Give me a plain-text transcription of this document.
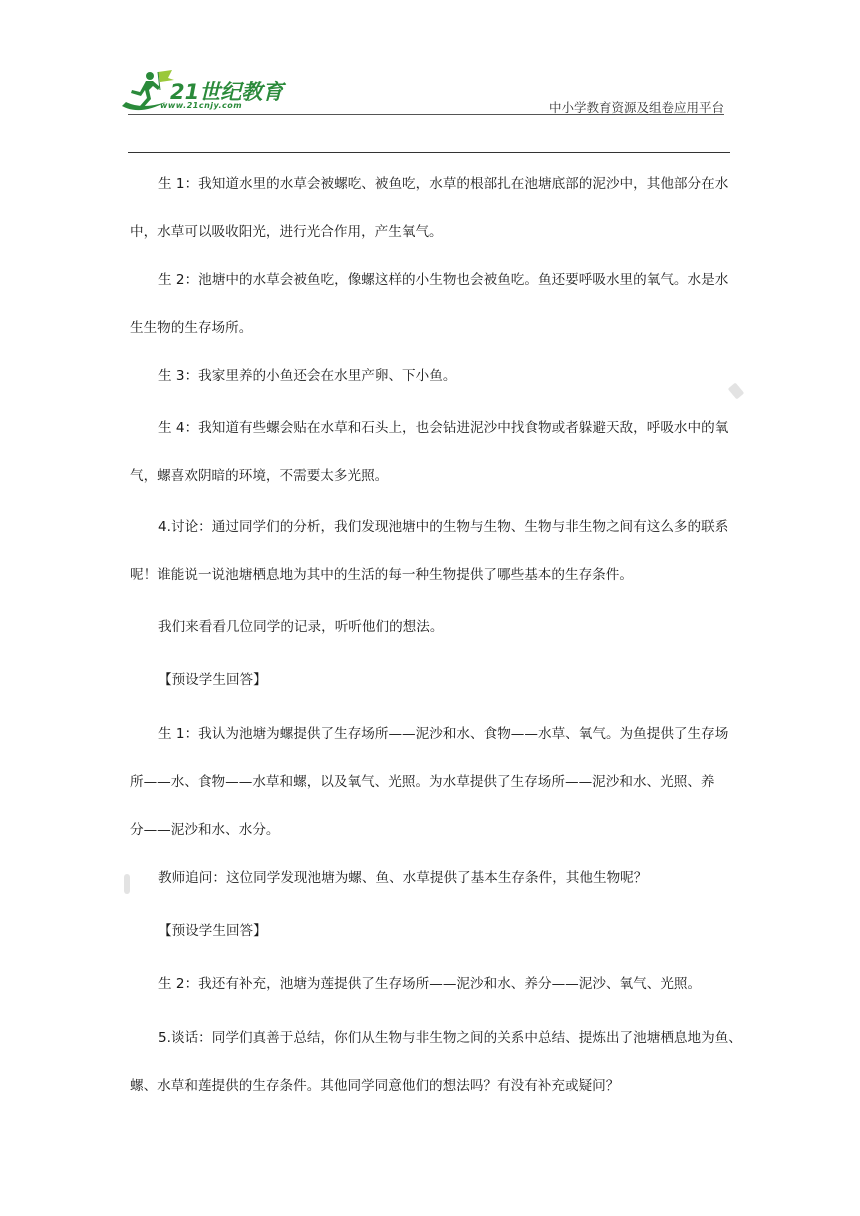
21世纪教育
www.21cnjy.com	中小学教育资源及组卷应用平台
生 1：我知道水里的水草会被螺吃、被鱼吃，水草的根部扎在池塘底部的泥沙中，其他部分在水
中，水草可以吸收阳光，进行光合作用，产生氧气。
生 2：池塘中的水草会被鱼吃，像螺这样的小生物也会被鱼吃。鱼还要呼吸水里的氧气。水是水
生生物的生存场所。
生 3：我家里养的小鱼还会在水里产卵、下小鱼。
生 4：我知道有些螺会贴在水草和石头上，也会钻进泥沙中找食物或者躲避天敌，呼吸水中的氧
气，螺喜欢阴暗的环境，不需要太多光照。
4.讨论：通过同学们的分析，我们发现池塘中的生物与生物、生物与非生物之间有这么多的联系
呢！谁能说一说池塘栖息地为其中的生活的每一种生物提供了哪些基本的生存条件。
我们来看看几位同学的记录，听听他们的想法。
【预设学生回答】
生 1：我认为池塘为螺提供了生存场所——泥沙和水、食物——水草、氧气。为鱼提供了生存场
所——水、食物——水草和螺，以及氧气、光照。为水草提供了生存场所——泥沙和水、光照、养
分——泥沙和水、水分。
教师追问：这位同学发现池塘为螺、鱼、水草提供了基本生存条件，其他生物呢？
【预设学生回答】
生 2：我还有补充，池塘为莲提供了生存场所——泥沙和水、养分——泥沙、氧气、光照。
5.谈话：同学们真善于总结，你们从生物与非生物之间的关系中总结、提炼出了池塘栖息地为鱼、
螺、水草和莲提供的生存条件。其他同学同意他们的想法吗？有没有补充或疑问？
